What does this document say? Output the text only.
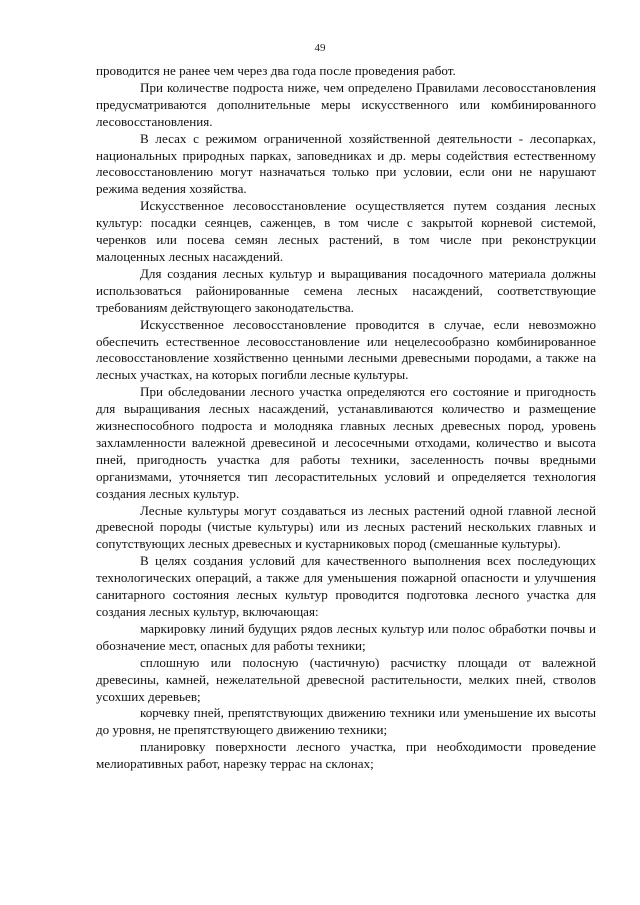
49

проводится не ранее чем через два года после проведения работ.

При количестве подроста ниже, чем определено Правилами лесовосстановления предусматриваются дополнительные меры искусственного или комбинированного лесовосстановления.

В лесах с режимом ограниченной хозяйственной деятельности - лесопарках, национальных природных парках, заповедниках и др. меры содействия естественному лесовосстановлению могут назначаться только при условии, если они не нарушают режима ведения хозяйства.

Искусственное лесовосстановление осуществляется путем создания лесных культур: посадки сеянцев, саженцев, в том числе с закрытой корневой системой, черенков или посева семян лесных растений, в том числе при реконструкции малоценных лесных насаждений.

Для создания лесных культур и выращивания посадочного материала должны использоваться районированные семена лесных насаждений, соответствующие требованиям действующего законодательства.

Искусственное лесовосстановление проводится в случае, если невозможно обеспечить естественное лесовосстановление или нецелесообразно комбинированное лесовосстановление хозяйственно ценными лесными древесными породами, а также на лесных участках, на которых погибли лесные культуры.

При обследовании лесного участка определяются его состояние и пригодность для выращивания лесных насаждений, устанавливаются количество и размещение жизнеспособного подроста и молодняка главных лесных древесных пород, уровень захламленности валежной древесиной и лесосечными отходами, количество и высота пней, пригодность участка для работы техники, заселенность почвы вредными организмами, уточняется тип лесорастительных условий и определяется технология создания лесных культур.

Лесные культуры могут создаваться из лесных растений одной главной лесной древесной породы (чистые культуры) или из лесных растений нескольких главных и сопутствующих лесных древесных и кустарниковых пород (смешанные культуры).

В целях создания условий для качественного выполнения всех последующих технологических операций, а также для уменьшения пожарной опасности и улучшения санитарного состояния лесных культур проводится подготовка лесного участка для создания лесных культур, включающая:

маркировку линий будущих рядов лесных культур или полос обработки почвы и обозначение мест, опасных для работы техники;

сплошную или полосную (частичную) расчистку площади от валежной древесины, камней, нежелательной древесной растительности, мелких пней, стволов усохших деревьев;

корчевку пней, препятствующих движению техники или уменьшение их высоты до уровня, не препятствующего движению техники;

планировку поверхности лесного участка, при необходимости проведение мелиоративных работ, нарезку террас на склонах;
